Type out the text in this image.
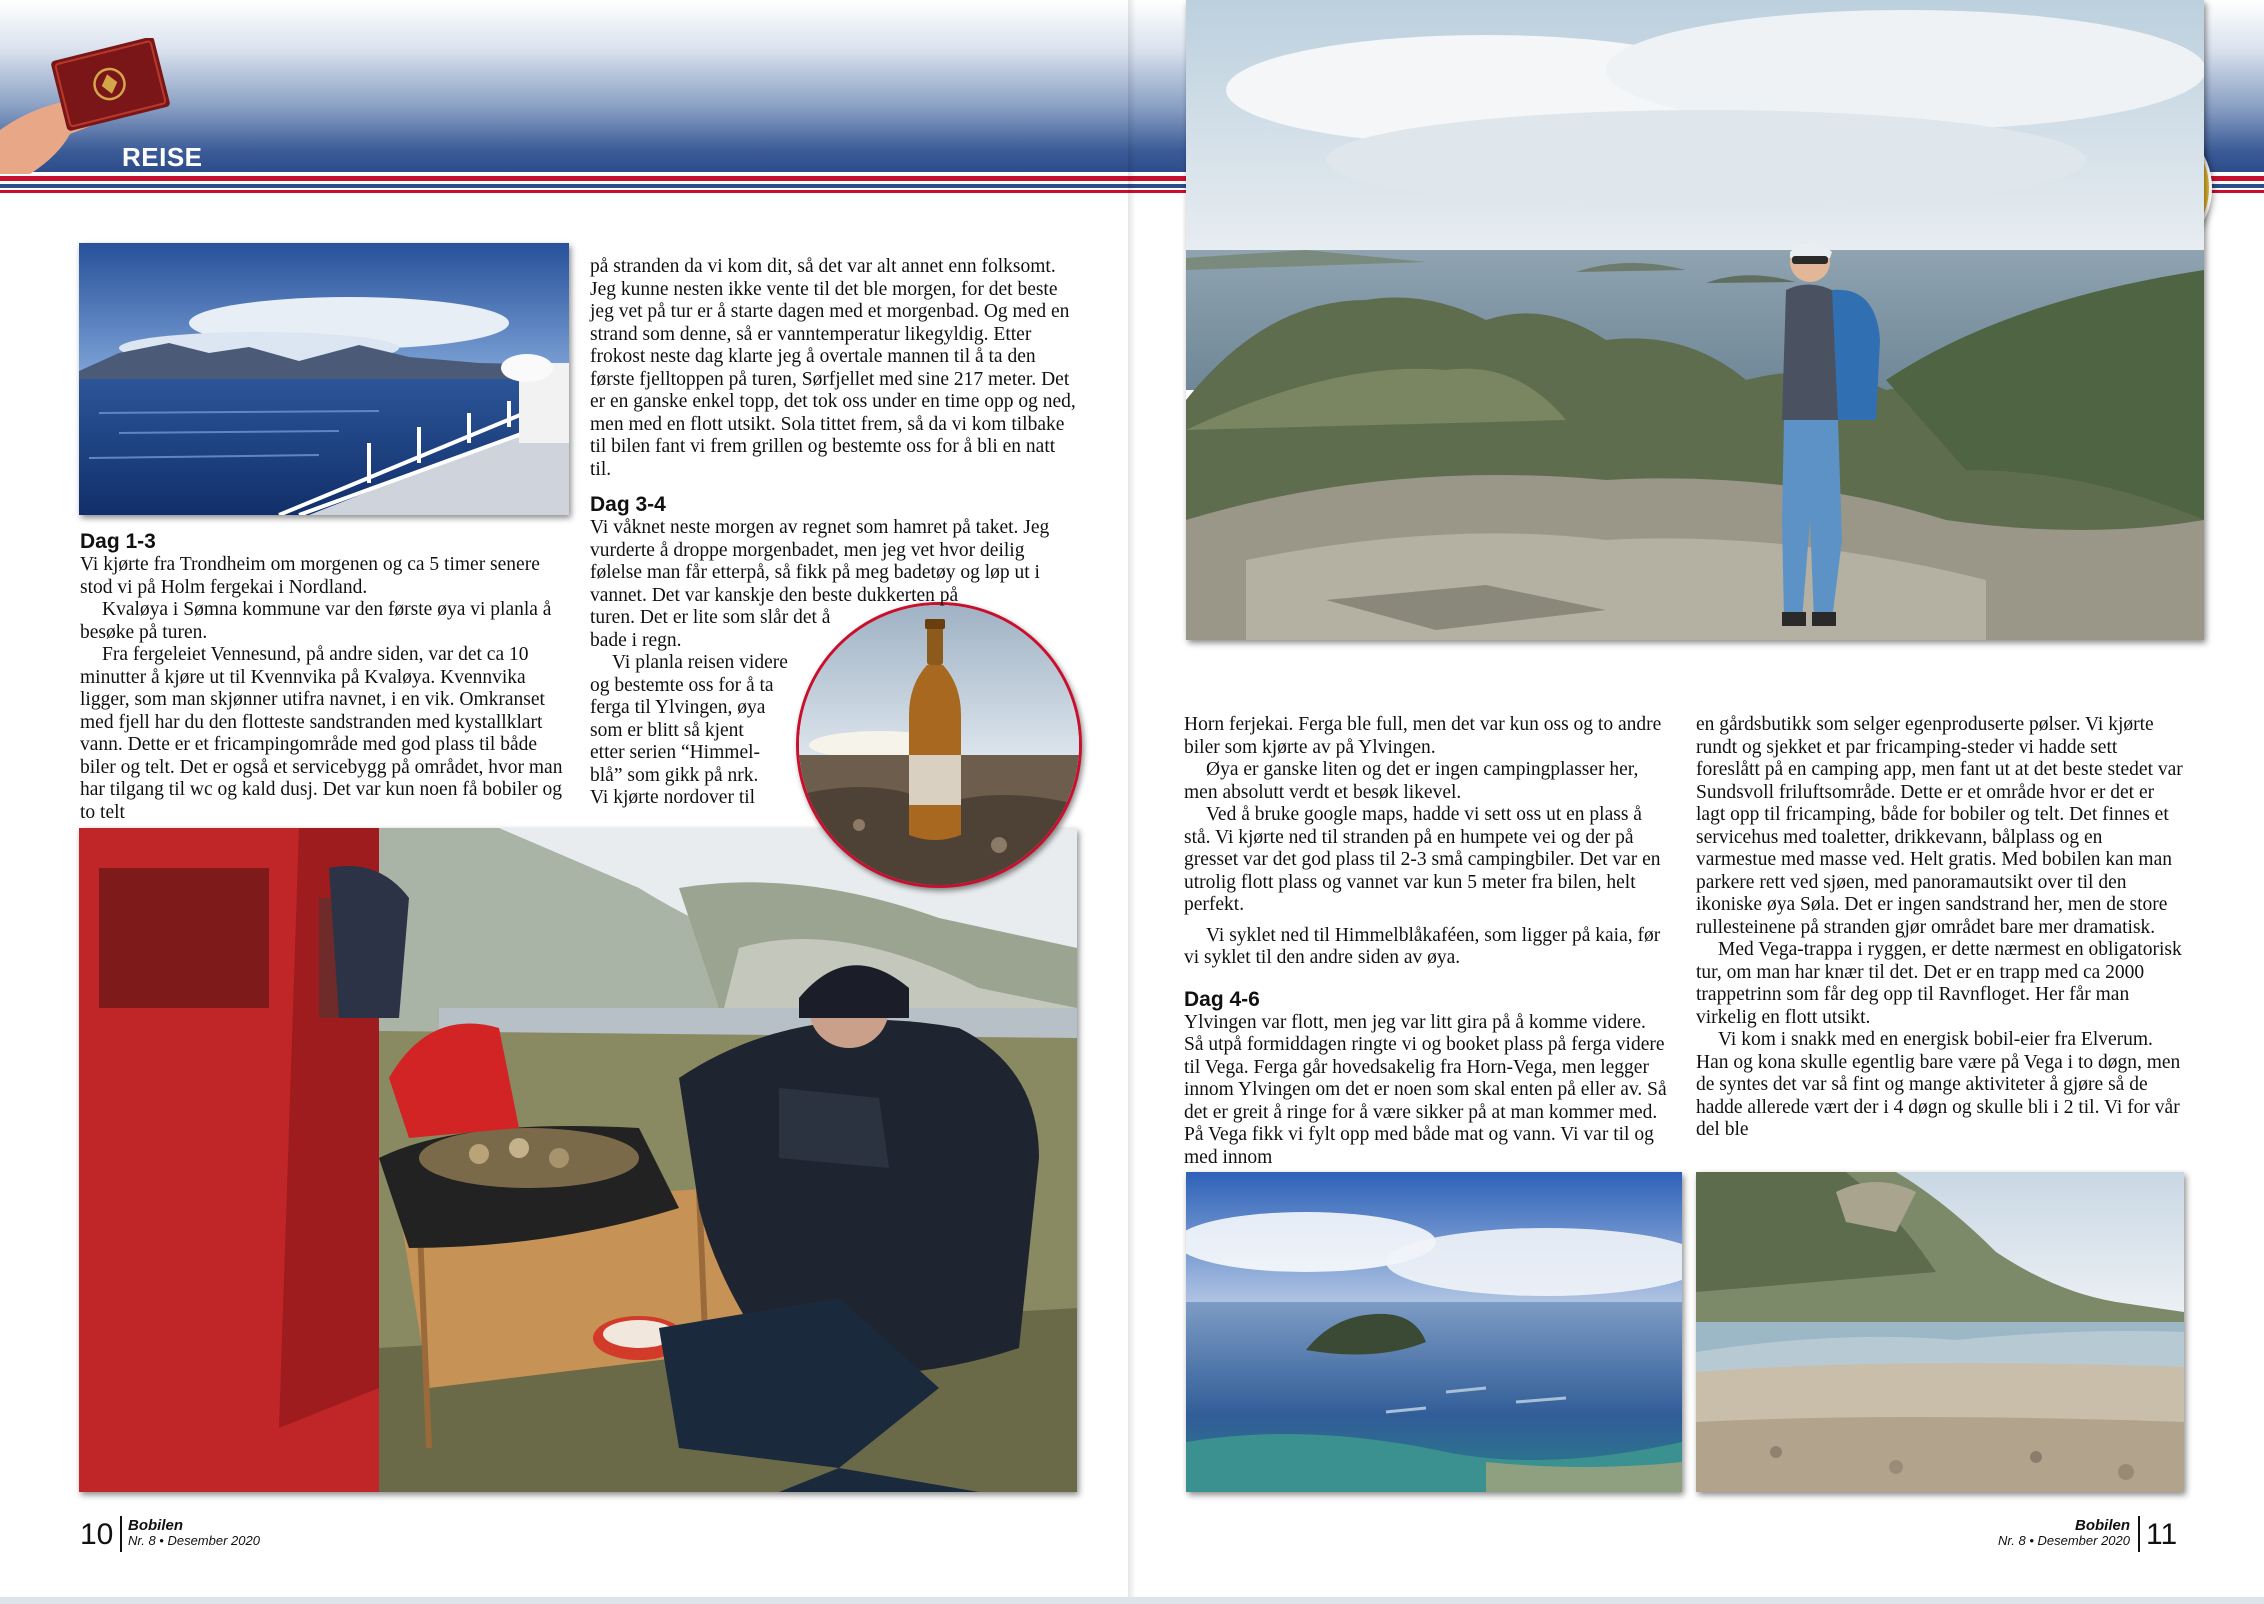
REISE
Dag 1-3

Vi kjørte fra Trondheim om morgenen og ca 5 timer senere stod vi på Holm fergekai i Nordland.

Kvaløya i Sømna kommune var den første øya vi planla å besøke på turen.

Fra fergeleiet Vennesund, på andre siden, var det ca 10 minutter å kjøre ut til Kvennvika på Kvaløya. Kvennvika ligger, som man skjønner utifra navnet, i en vik. Omkranset med fjell har du den flotteste sandstranden med kystallklart vann. Dette er et fricampingområde med god plass til både biler og telt. Det er også et servicebygg på området, hvor man har tilgang til wc og kald dusj. Det var kun noen få bobiler og to telt

på stranden da vi kom dit, så det var alt annet enn folksomt. Jeg kunne nesten ikke vente til det ble morgen, for det beste jeg vet på tur er å starte dagen med et morgenbad. Og med en strand som denne, så er vanntemperatur likegyldig. Etter frokost neste dag klarte jeg å overtale mannen til å ta den første fjelltoppen på turen, Sørfjellet med sine 217 meter. Det er en ganske enkel topp, det tok oss under en time opp og ned, men med en flott utsikt. Sola tittet frem, så da vi kom tilbake til bilen fant vi frem grillen og bestemte oss for å bli en natt til.

Dag 3-4

Vi våknet neste morgen av regnet som hamret på taket. Jeg vurderte å droppe morgenbadet, men jeg vet hvor deilig følelse man får etterpå, så fikk på meg badetøy og løp ut i vannet. Det var kanskje den beste dukkerten på

turen. Det er lite som slår det å
bade i regn.
Vi planla reisen videre
og bestemte oss for å ta
ferga til Ylvingen, øya
som er blitt så kjent
etter serien “Himmel-
blå” som gikk på nrk.
Vi kjørte nordover til

Horn ferjekai. Ferga ble full, men det var kun oss og to andre biler som kjørte av på Ylvingen.

Øya er ganske liten og det er ingen campingplasser her, men absolutt verdt et besøk likevel.

Ved å bruke google maps, hadde vi sett oss ut en plass å stå. Vi kjørte ned til stranden på en humpete vei og der på gresset var det god plass til 2-3 små campingbiler. Det var en utrolig flott plass og vannet var kun 5 meter fra bilen, helt perfekt.

Vi syklet ned til Himmelblåkaféen, som ligger på kaia, før vi syklet til den andre siden av øya.

Dag 4-6

Ylvingen var flott, men jeg var litt gira på å komme videre. Så utpå formiddagen ringte vi og booket plass på ferga videre til Vega. Ferga går hovedsakelig fra Horn-Vega, men legger innom Ylvingen om det er noen som skal enten på eller av. Så det er greit å ringe for å være sikker på at man kommer med. På Vega fikk vi fylt opp med både mat og vann. Vi var til og med innom

en gårdsbutikk som selger egenproduserte pølser. Vi kjørte rundt og sjekket et par fricamping-steder vi hadde sett foreslått på en camping app, men fant ut at det beste stedet var Sundsvoll friluftsområde. Dette er et område hvor er det er lagt opp til fricamping, både for bobiler og telt. Det finnes et servicehus med toaletter, drikkevann, bålplass og en varmestue med masse ved. Helt gratis. Med bobilen kan man parkere rett ved sjøen, med panoramautsikt over til den ikoniske øya Søla. Det er ingen sandstrand her, men de store rullesteinene på stranden gjør området bare mer dramatisk.

Med Vega-trappa i ryggen, er dette nærmest en obligatorisk tur, om man har knær til det. Det er en trapp med ca 2000 trappetrinn som får deg opp til Ravnfloget. Her får man virkelig en flott utsikt.

Vi kom i snakk med en energisk bobil-eier fra Elverum. Han og kona skulle egentlig bare være på Vega i to døgn, men de syntes det var så fint og mange aktiviteter å gjøre så de hadde allerede vært der i 4 døgn og skulle bli i 2 til. Vi for vår del ble

10 Bobilen
Nr. 8 • Desember 2020
Bobilen
Nr. 8 • Desember 2020 11
